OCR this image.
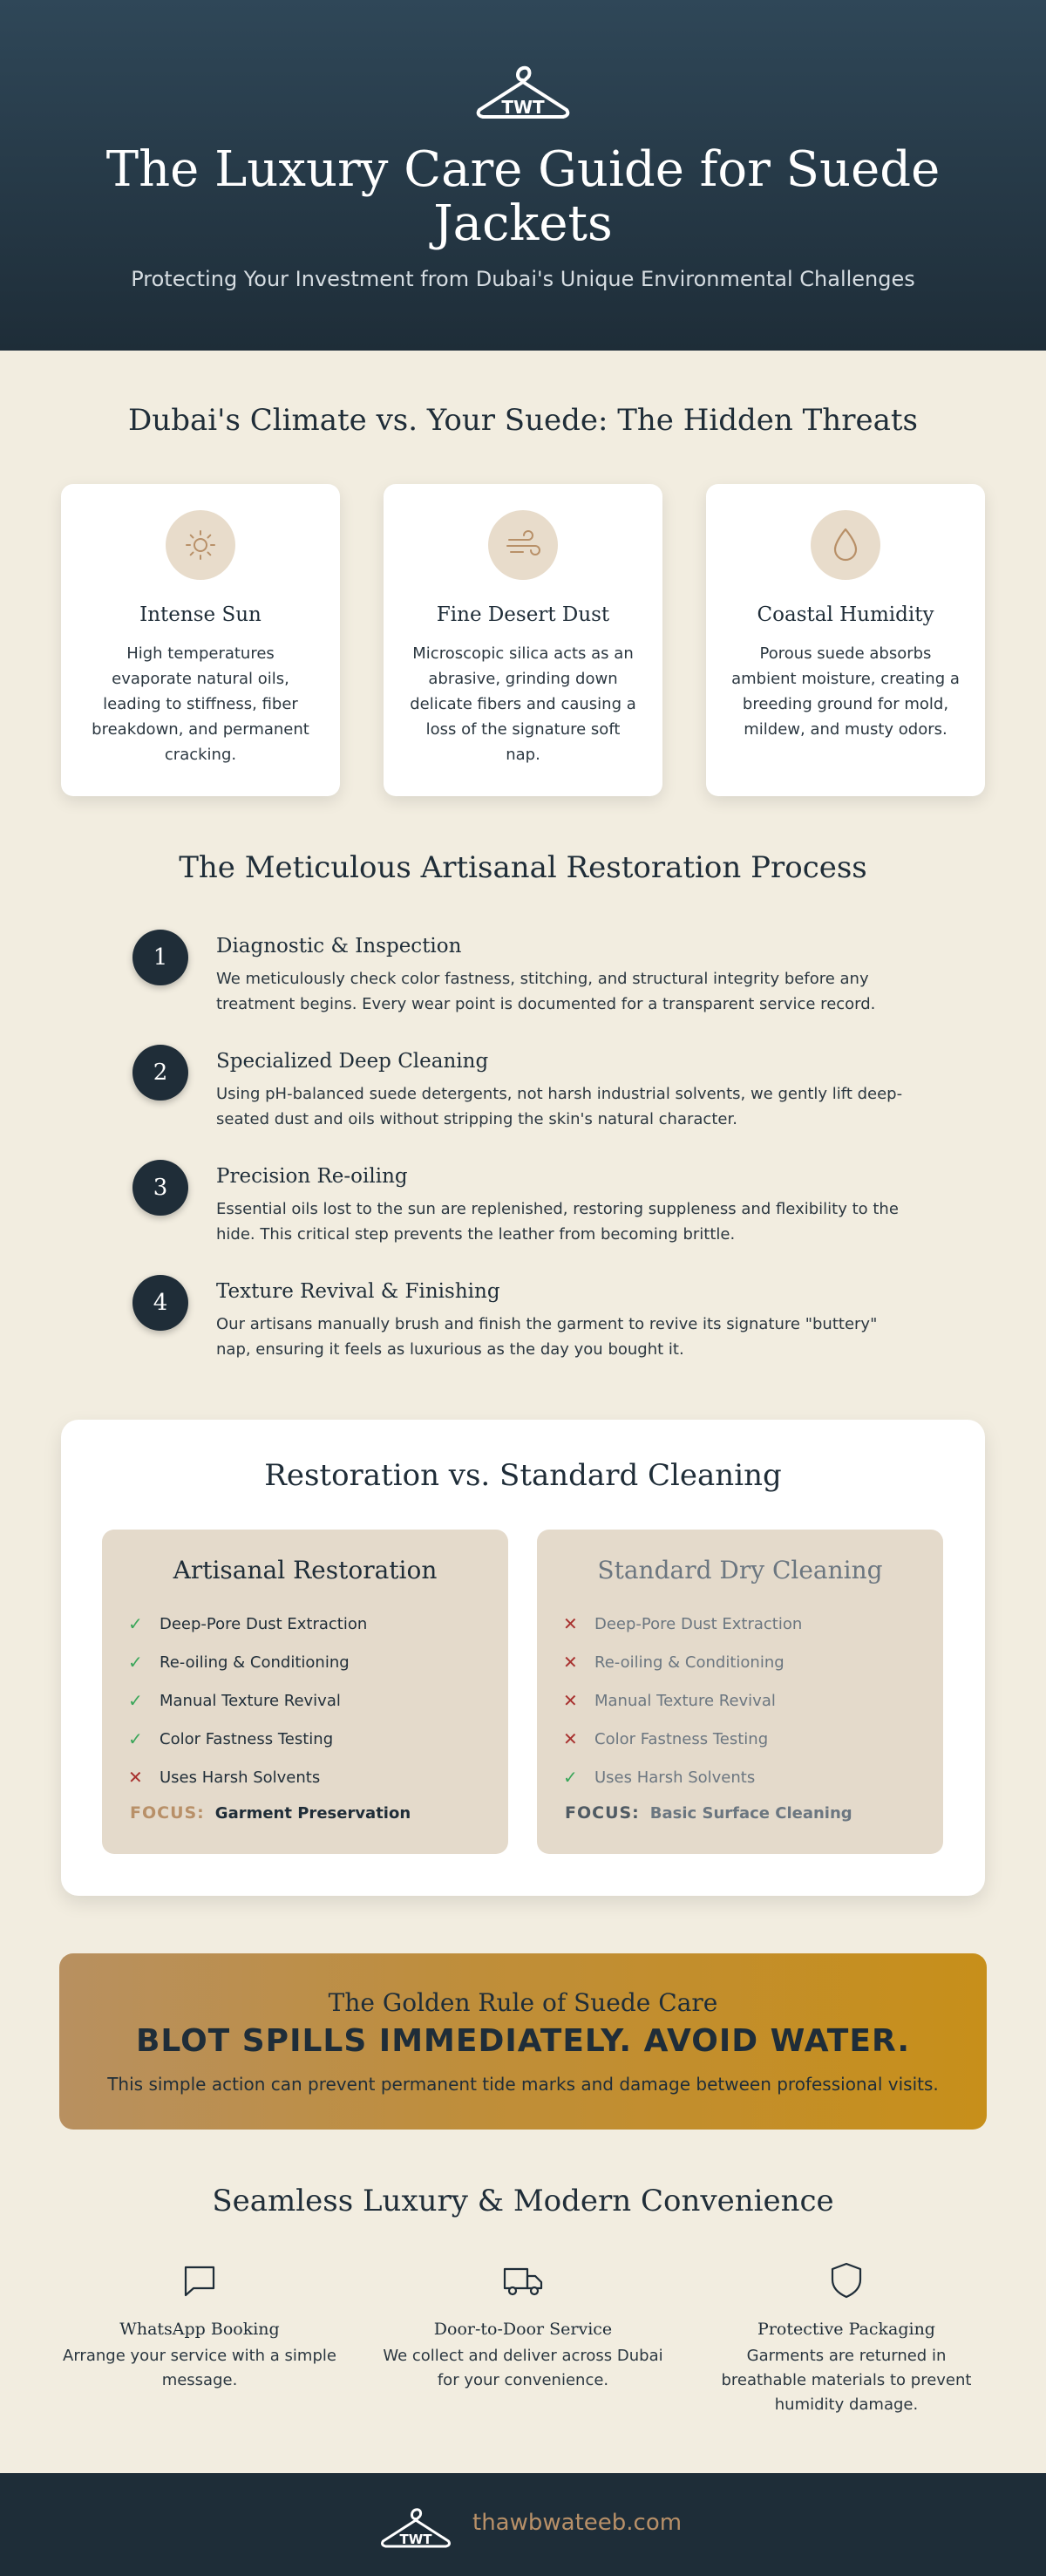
TWT
The Luxury Care Guide for Suede Jackets
Protecting Your Investment from Dubai's Unique Environmental Challenges
Dubai's Climate vs. Your Suede: The Hidden Threats
Intense Sun

High temperatures evaporate natural oils, leading to stiffness, fiber breakdown, and permanent cracking.

Fine Desert Dust

Microscopic silica acts as an abrasive, grinding down delicate fibers and causing a loss of the signature soft nap.

Coastal Humidity

Porous suede absorbs ambient moisture, creating a breeding ground for mold, mildew, and musty odors.

The Meticulous Artisanal Restoration Process
1	Diagnostic & Inspection

We meticulously check color fastness, stitching, and structural integrity before any treatment begins. Every wear point is documented for a transparent service record.

2	Specialized Deep Cleaning

Using pH-balanced suede detergents, not harsh industrial solvents, we gently lift deep-seated dust and oils without stripping the skin's natural character.

3	Precision Re-oiling

Essential oils lost to the sun are replenished, restoring suppleness and flexibility to the hide. This critical step prevents the leather from becoming brittle.

4	Texture Revival & Finishing

Our artisans manually brush and finish the garment to revive its signature "buttery" nap, ensuring it feels as luxurious as the day you bought it.

Restoration vs. Standard Cleaning
Artisanal Restoration
✓	Deep-Pore Dust Extraction
✓	Re-oiling & Conditioning
✓	Manual Texture Revival
✓	Color Fastness Testing
✕	Uses Harsh Solvents
FOCUS: Garment Preservation
Standard Dry Cleaning
✕	Deep-Pore Dust Extraction
✕	Re-oiling & Conditioning
✕	Manual Texture Revival
✕	Color Fastness Testing
✓	Uses Harsh Solvents
FOCUS: Basic Surface Cleaning
The Golden Rule of Suede Care
BLOT SPILLS IMMEDIATELY. AVOID WATER.
This simple action can prevent permanent tide marks and damage between professional visits.
Seamless Luxury & Modern Convenience
WhatsApp Booking

Arrange your service with a simple message.

Door-to-Door Service

We collect and deliver across Dubai for your convenience.

Protective Packaging

Garments are returned in breathable materials to prevent humidity damage.

TWT
thawbwateeb.com
